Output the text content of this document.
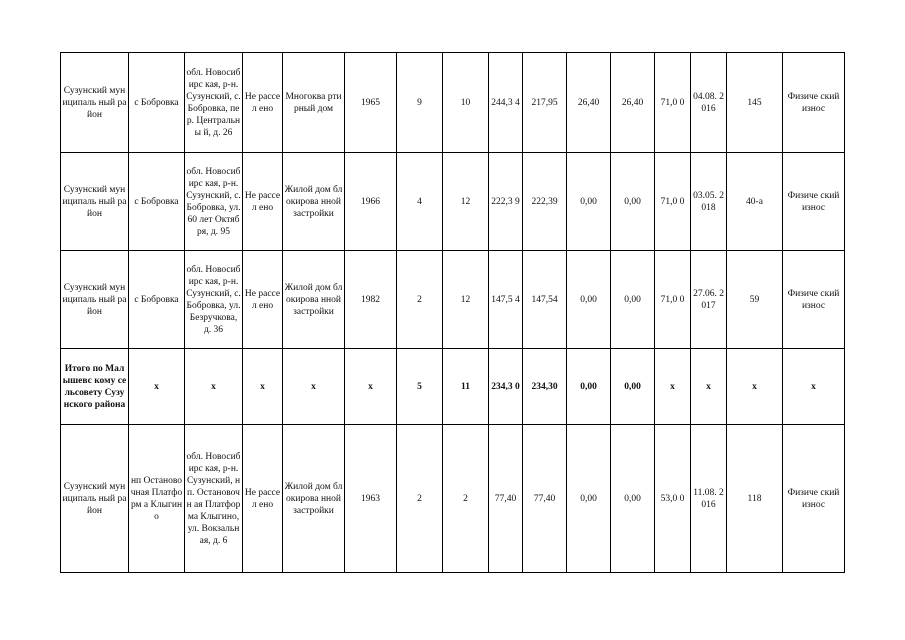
Сузунский муниципаль ный район	с Бобровка	обл. Новосибирс кая, р-н. Сузунский, с. Бобровка, пер. Центральны й, д. 26	Не рассел ено	Многоква ртирный дом	1965	9	10	244,3 4	217,95	26,40	26,40	71,0 0	04.08. 2016	145	Физиче ский износ
Сузунский муниципаль ный район	с Бобровка	обл. Новосибирс кая, р-н. Сузунский, с. Бобровка, ул. 60 лет Октября, д. 95	Не рассел ено	Жилой дом блокирова нной застройки	1966	4	12	222,3 9	222,39	0,00	0,00	71,0 0	03.05. 2018	40-а	Физиче ский износ
Сузунский муниципаль ный район	с Бобровка	обл. Новосибирс кая, р-н. Сузунский, с. Бобровка, ул. Безручкова, д. 36	Не рассел ено	Жилой дом блокирова нной застройки	1982	2	12	147,5 4	147,54	0,00	0,00	71,0 0	27.06. 2017	59	Физиче ский износ
Итого по Малышевс кому сельсовету Сузунского района	x	x	x	x	x	5	11	234,3 0	234,30	0,00	0,00	x	x	x	x
Сузунский муниципаль ный район	нп Останово чная Платформ а Клыгино	обл. Новосибирс кая, р-н. Сузунский, нп. Остановочн ая Платформа Клыгино, ул. Вокзальная, д. 6	Не рассел ено	Жилой дом блокирова нной застройки	1963	2	2	77,40	77,40	0,00	0,00	53,0 0	11.08. 2016	118	Физиче ский износ
